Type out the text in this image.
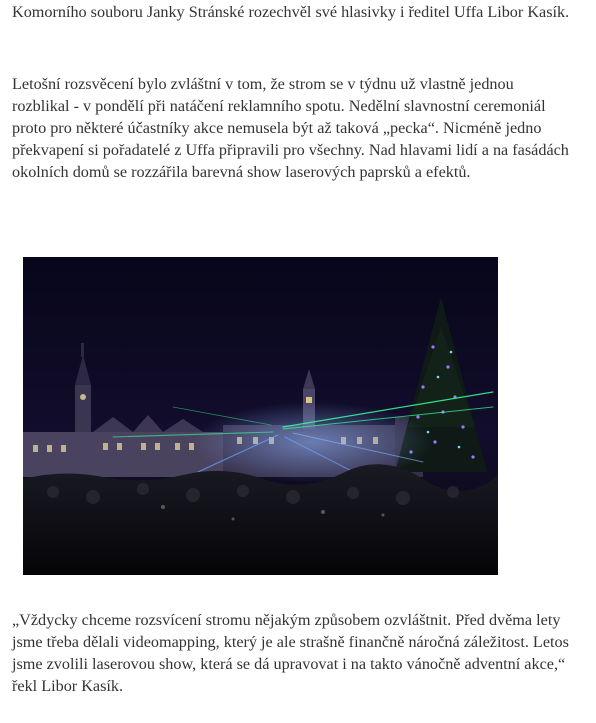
Komorního souboru Janky Stránské rozechvěl své hlasivky i ředitel Uffa Libor Kasík.

Letošní rozsvěcení bylo zvláštní v tom, že strom se v týdnu už vlastně jednou rozblikal - v pondělí při natáčení reklamního spotu. Nedělní slavnostní ceremoniál proto pro některé účastníky akce nemusela být až taková „pecka“. Nicméně jedno překvapení si pořadatelé z Uffa připravili pro všechny. Nad hlavami lidí a na fasádách okolních domů se rozzářila barevná show laserových paprsků a efektů.

„Vždycky chceme rozsvícení stromu nějakým způsobem ozvláštnit. Před dvěma lety jsme třeba dělali videomapping, který je ale strašně finančně náročná záležitost. Letos jsme zvolili laserovou show, která se dá upravovat i na takto vánočně adventní akce,“ řekl Libor Kasík.
